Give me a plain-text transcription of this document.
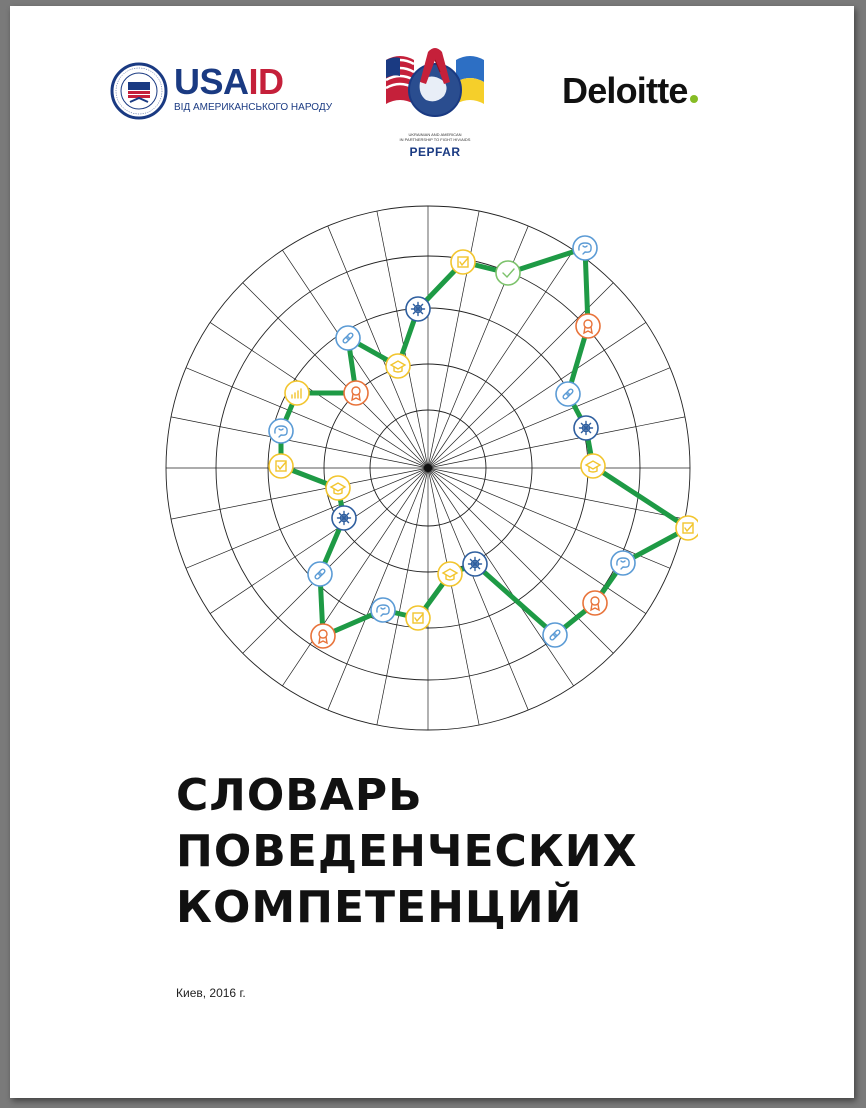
USAID
ВІД АМЕРИКАНСЬКОГО НАРОДУ
UKRAINIAN AND AMERICAN
IN PARTNERSHIP TO FIGHT HIV/AIDS
PEPFAR
Deloitte
СЛОВАРЬ
ПОВЕДЕНЧЕСКИХ
КОМПЕТЕНЦИЙ
Киев, 2016 г.
